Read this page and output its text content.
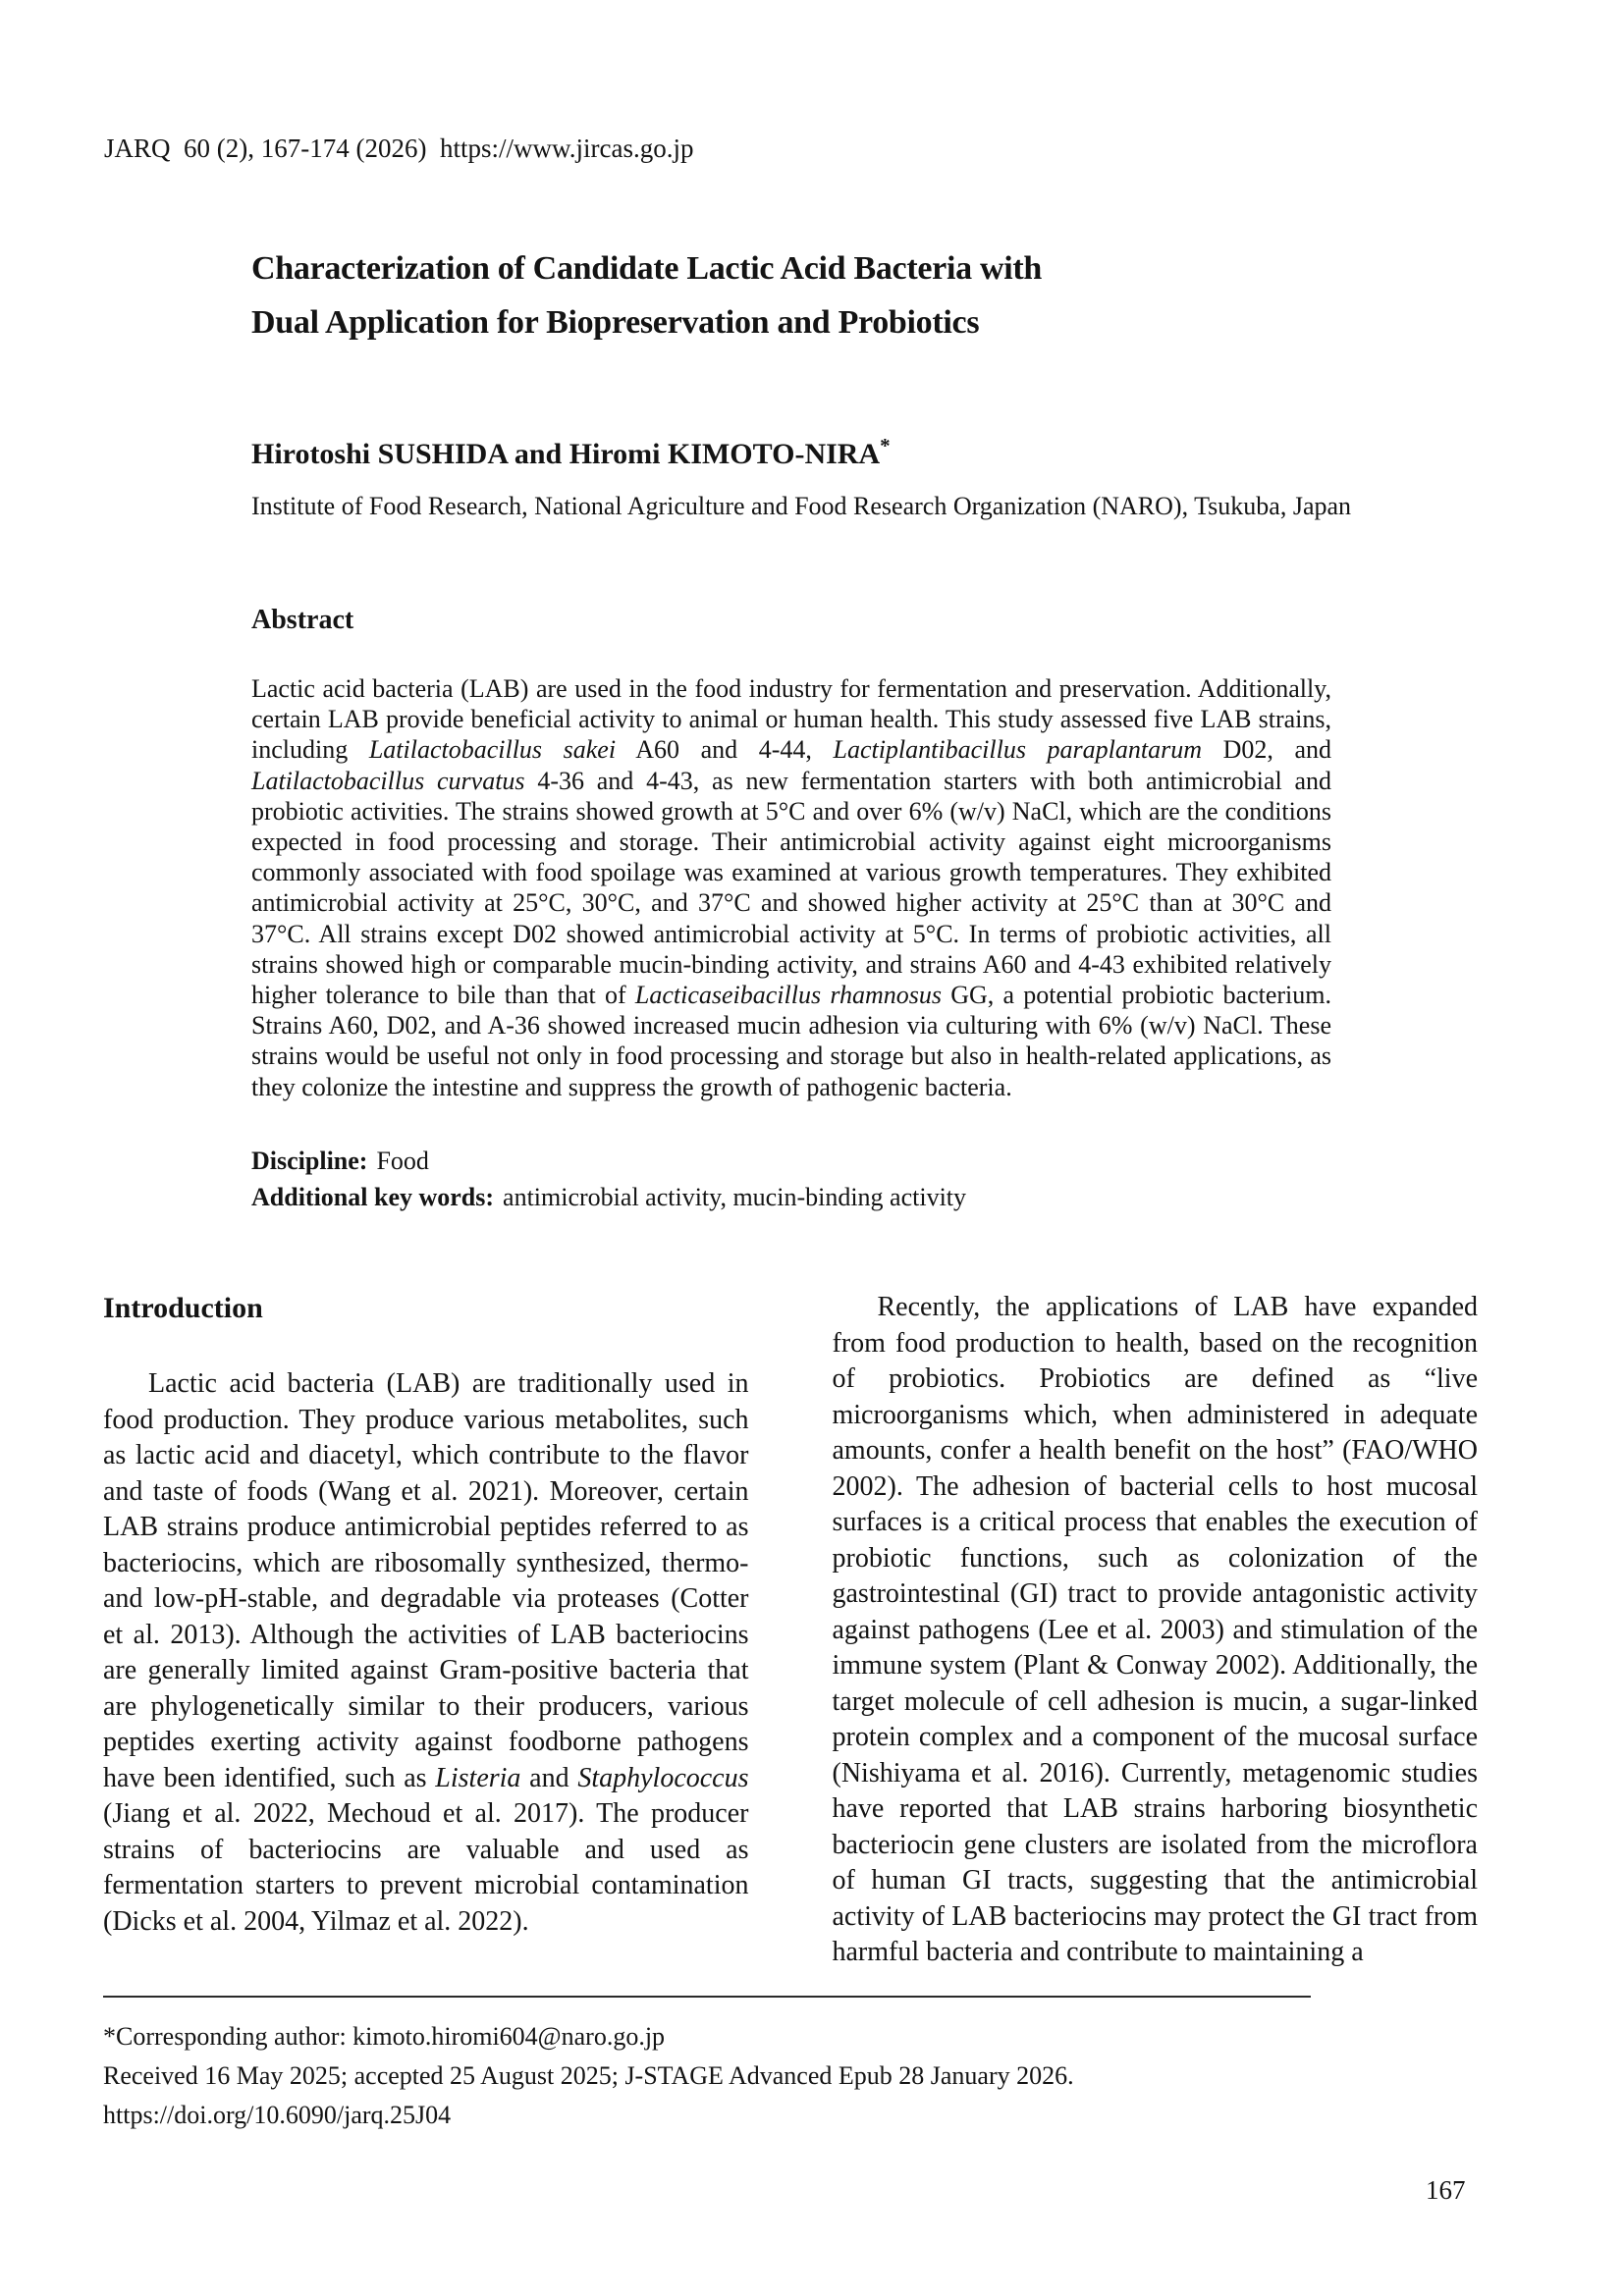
JARQ  60 (2), 167-174 (2026)  https://www.jircas.go.jp
Characterization of Candidate Lactic Acid Bacteria with
Dual Application for Biopreservation and Probiotics
Hirotoshi SUSHIDA and Hiromi KIMOTO-NIRA*
Institute of Food Research, National Agriculture and Food Research Organization (NARO), Tsukuba, Japan
Abstract

Lactic acid bacteria (LAB) are used in the food industry for fermentation and preservation. Additionally, certain LAB provide beneficial activity to animal or human health. This study assessed five LAB strains, including Latilactobacillus sakei A60 and 4-44, Lactiplantibacillus paraplantarum D02, and Latilactobacillus curvatus 4-36 and 4-43, as new fermentation starters with both antimicrobial and probiotic activities. The strains showed growth at 5°C and over 6% (w/v) NaCl, which are the conditions expected in food processing and storage. Their antimicrobial activity against eight microorganisms commonly associated with food spoilage was examined at various growth temperatures. They exhibited antimicrobial activity at 25°C, 30°C, and 37°C and showed higher activity at 25°C than at 30°C and 37°C. All strains except D02 showed antimicrobial activity at 5°C. In terms of probiotic activities, all strains showed high or comparable mucin-binding activity, and strains A60 and 4-43 exhibited relatively higher tolerance to bile than that of Lacticaseibacillus rhamnosus GG, a potential probiotic bacterium. Strains A60, D02, and A-36 showed increased mucin adhesion via culturing with 6% (w/v) NaCl. These strains would be useful not only in food processing and storage but also in health-related applications, as they colonize the intestine and suppress the growth of pathogenic bacteria.

Discipline: Food
Additional key words: antimicrobial activity, mucin-binding activity
Introduction

Lactic acid bacteria (LAB) are traditionally used in food production. They produce various metabolites, such as lactic acid and diacetyl, which contribute to the flavor and taste of foods (Wang et al. 2021). Moreover, certain LAB strains produce antimicrobial peptides referred to as bacteriocins, which are ribosomally synthesized, thermo- and low-pH-stable, and degradable via proteases (Cotter et al. 2013). Although the activities of LAB bacteriocins are generally limited against Gram-positive bacteria that are phylogenetically similar to their producers, various peptides exerting activity against foodborne pathogens have been identified, such as Listeria and Staphylococcus (Jiang et al. 2022, Mechoud et al. 2017). The producer strains of bacteriocins are valuable and used as fermentation starters to prevent microbial contamination (Dicks et al. 2004, Yilmaz et al. 2022).

Recently, the applications of LAB have expanded from food production to health, based on the recognition of probiotics. Probiotics are defined as “live microorganisms which, when administered in adequate amounts, confer a health benefit on the host” (FAO/WHO 2002). The adhesion of bacterial cells to host mucosal surfaces is a critical process that enables the execution of probiotic functions, such as colonization of the gastrointestinal (GI) tract to provide antagonistic activity against pathogens (Lee et al. 2003) and stimulation of the immune system (Plant & Conway 2002). Additionally, the target molecule of cell adhesion is mucin, a sugar-linked protein complex and a component of the mucosal surface (Nishiyama et al. 2016). Currently, metagenomic studies have reported that LAB strains harboring biosynthetic bacteriocin gene clusters are isolated from the microflora of human GI tracts, suggesting that the antimicrobial activity of LAB bacteriocins may protect the GI tract from harmful bacteria and contribute to maintaining a

*Corresponding author: kimoto.hiromi604@naro.go.jp
Received 16 May 2025; accepted 25 August 2025; J-STAGE Advanced Epub 28 January 2026.
https://doi.org/10.6090/jarq.25J04
167
